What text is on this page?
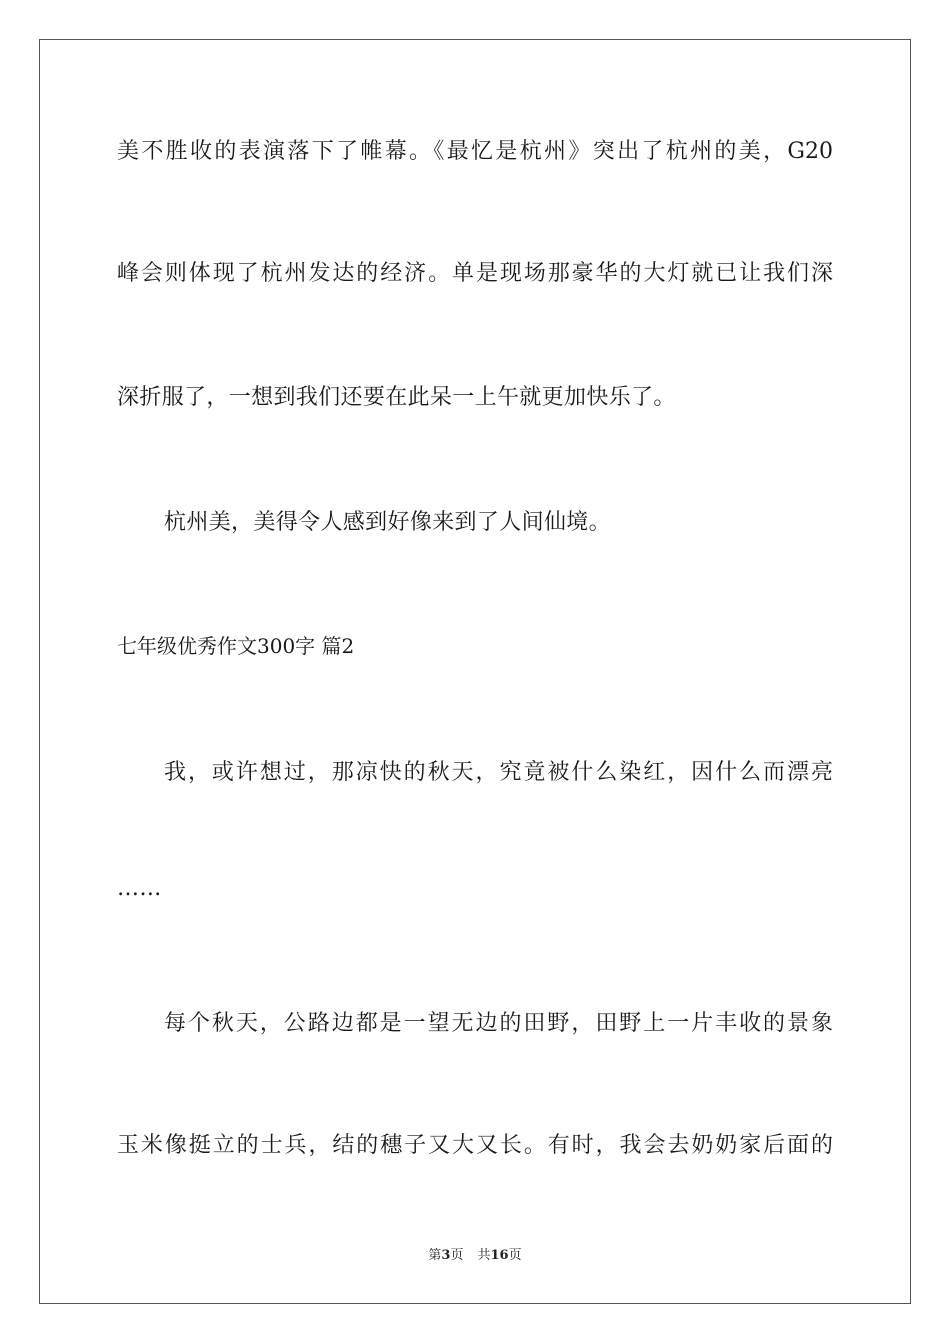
美不胜收的表演落下了帷幕。《最忆是杭州》突出了杭州的美，G20
峰会则体现了杭州发达的经济。单是现场那豪华的大灯就已让我们深
深折服了，一想到我们还要在此呆一上午就更加快乐了。
杭州美，美得令人感到好像来到了人间仙境。
七年级优秀作文300字 篇2
我，或许想过，那凉快的秋天，究竟被什么染红，因什么而漂亮
……
每个秋天，公路边都是一望无边的田野，田野上一片丰收的景象
玉米像挺立的士兵，结的穗子又大又长。有时，我会去奶奶家后面的
第3页 共16页
